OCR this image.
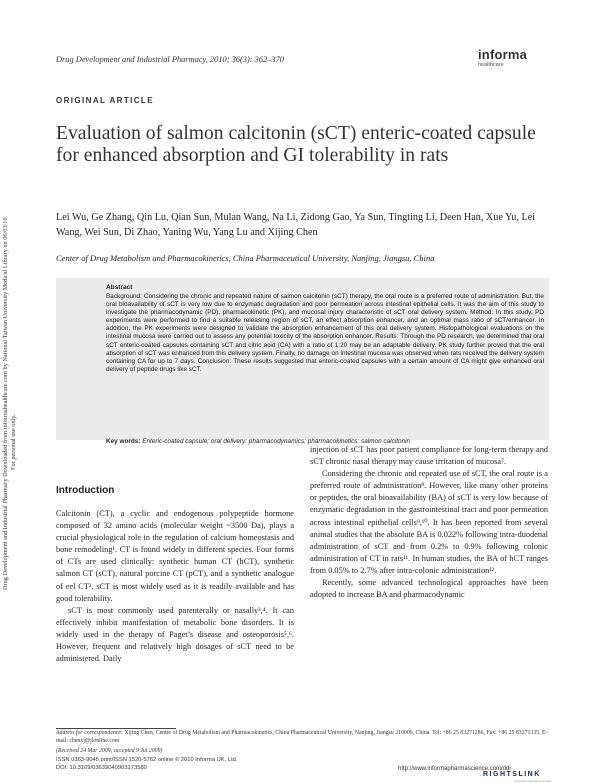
Drug Development and Industrial Pharmacy, 2010; 36(3): 362–370	informa
healthcare
ORIGINAL ARTICLE
Evaluation of salmon calcitonin (sCT) enteric-coated capsule for enhanced absorption and GI tolerability in rats
Lei Wu, Ge Zhang, Qin Lu, Qian Sun, Mulan Wang, Na Li, Zidong Gao, Ya Sun, Tingting Li, Deen Han, Xue Yu, Lei Wang, Wei Sun, Di Zhao, Yaning Wu, Yang Lu and Xijing Chen
Center of Drug Metabolism and Pharmacokinetics, China Pharmaceutical University, Nanjing, Jiangsu, China
Abstract
Background: Considering the chronic and repeated nature of salmon calcitonin (sCT) therapy, the oral route is a preferred route of administration. But, the oral bioavailability of sCT is very low due to enzymatic degradation and poor permeation across intestinal epithelial cells. It was the aim of this study to investigate the pharmacodynamic (PD), pharmacokinetic (PK), and mucosal injury characteristic of sCT oral delivery system. Method: In this study, PD experiments were performed to find a suitable releasing region of sCT, an effect absorption enhancer, and an optimal mass ratio of sCT/enhancer. In addition, the PK experiments were designed to validate the absorption enhancement of this oral delivery system. Histopathological evaluations on the intestinal mucosa were carried out to assess any potential toxicity of the absorption enhancer. Results: Through the PD research, we determined that oral sCT enteric-coated capsules containing sCT and citric acid (CA) with a ratio of 1:20 may be an adaptable delivery. PK study further proved that the oral absorption of sCT was enhanced from this delivery system. Finally, no damage on intestinal mucosa was observed when rats received the delivery system containing CA for up to 7 days. Conclusion: These results suggested that enteric-coated capsules with a certain amount of CA might give enhanced oral delivery of peptide drugs like sCT.
Key words: Enteric-coated capsule; oral delivery; pharmacodynamics; pharmacokinetics; salmon calcitonin
Introduction

Calcitonin (CT), a cyclic and endogenous polypeptide hormone composed of 32 amino acids (molecular weight ~3500 Da), plays a crucial physiological role in the regulation of calcium homeostasis and bone remodeling¹. CT is found widely in different species. Four forms of CTs are used clinically: synthetic human CT (hCT), synthetic salmon CT (sCT), natural porcine CT (pCT), and a synthetic analogue of eel CT². sCT is most widely used as it is readily available and has good tolerability.

sCT is most commonly used parenterally or nasally³,⁴. It can effectively inhibit manifestation of metabolic bone disorders. It is widely used in the therapy of Paget’s disease and osteoporosis⁵,⁶. However, frequent and relatively high dosages of sCT need to be administered. Daily

injection of sCT has poor patient compliance for long-term therapy and sCT chronic nasal therapy may cause irritation of mucosa⁷.

Considering the chronic and repeated use of sCT, the oral route is a preferred route of administration⁸. However, like many other proteins or peptides, the oral bioavailability (BA) of sCT is very low because of enzymatic degradation in the gastrointestinal tract and poor permeation across intestinal epithelial cells⁹,¹⁰. It has been reported from several animal studies that the absolute BA is 0.022% following intra-duodenal administration of sCT and from 0.2% to 0.9% following colonic administration of CT in rats¹¹. In human studies, the BA of hCT ranges from 0.05% to 2.7% after intra-colonic administration¹².

Recently, some advanced technological approaches have been adopted to increase BA and pharmacodynamic

Address for correspondence: Xijing Chen, Center of Drug Metabolism and Pharmacokinetics, China Pharmaceutical University, Nanjing, Jiangsu 210009, China. Tel: +86 25 83271286, Fax: +86 25 83271335. E-mail: chenxj@jlonline.com
(Received 24 Mar 2009; accepted 9 Jul 2009)
ISSN 0363-9045 print/ISSN 1520-5762 online © 2010 Informa UK, Ltd.
DOI: 10.3109/03639040903173580	http://www.informapharmascience.com/ddi
RIGHTSLINK
Copyright Clearance Center
Drug Development and Industrial Pharmacy Downloaded from informahealthcare.com by National Taiwan University Medical Library on 06/03/10 For personal use only.
